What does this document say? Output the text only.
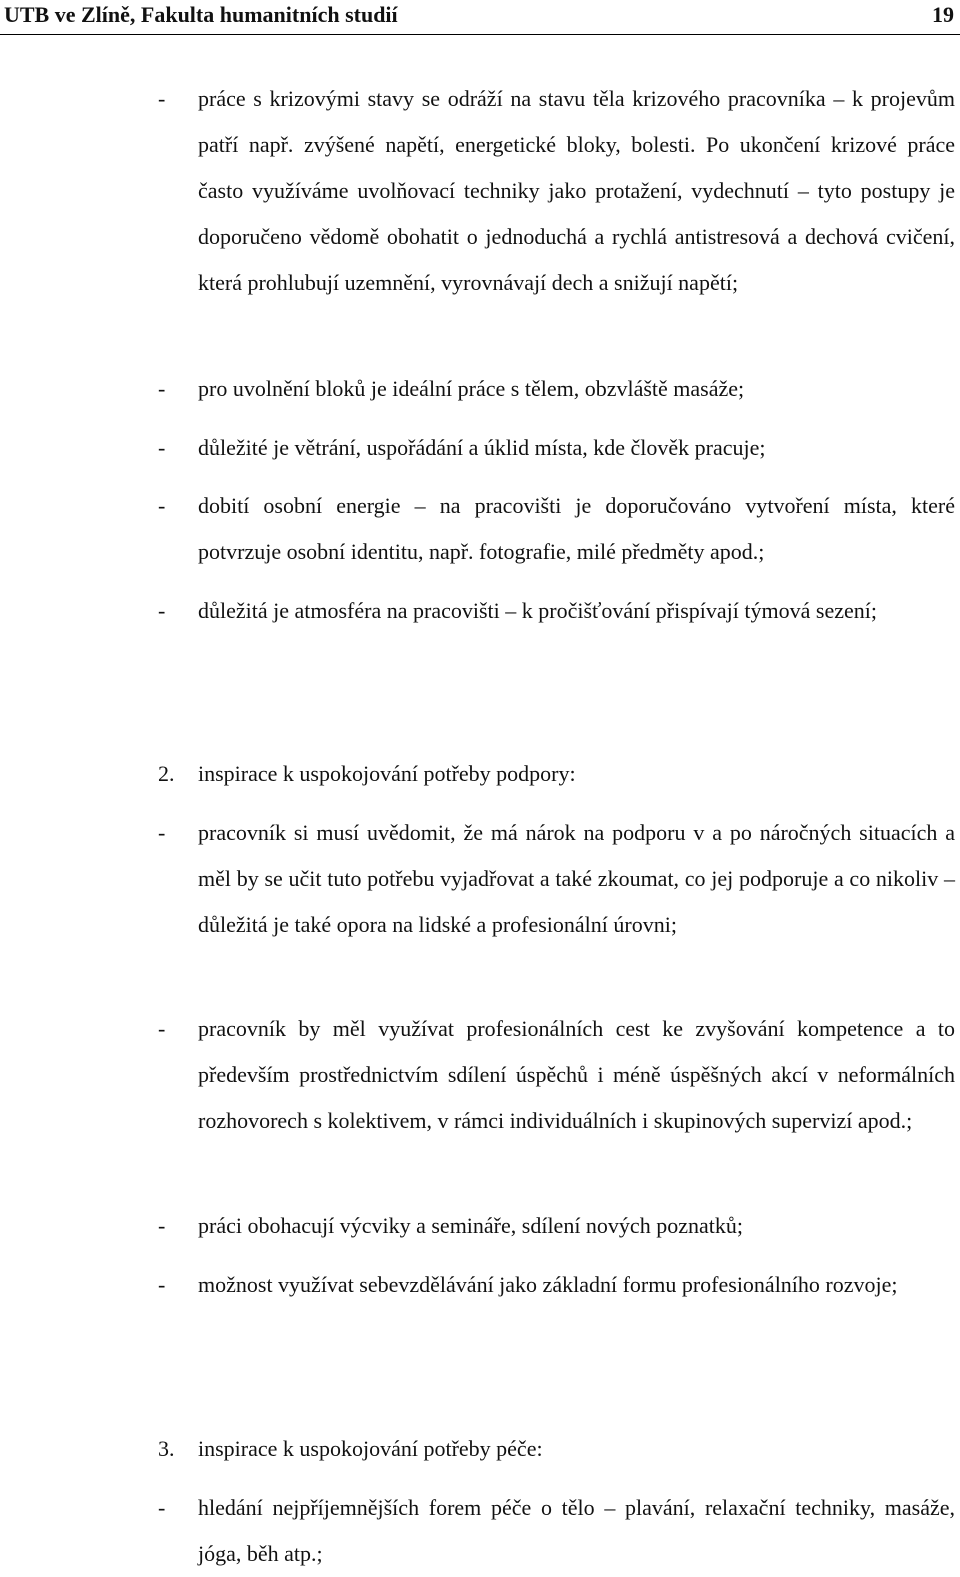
UTB ve Zlíně, Fakulta humanitních studií	19
- práce s krizovými stavy se odráží na stavu těla krizového pracovníka – k projevům patří např. zvýšené napětí, energetické bloky, bolesti. Po ukončení krizové práce často využíváme uvolňovací techniky jako protažení, vydechnutí – tyto postupy je doporučeno vědomě obohatit o jednoduchá a rychlá antistresová a dechová cvičení, která prohlubují uzemnění, vyrovnávají dech a snižují napětí;
- pro uvolnění bloků je ideální práce s tělem, obzvláště masáže;
- důležité je větrání, uspořádání a úklid místa, kde člověk pracuje;
- dobití osobní energie – na pracovišti je doporučováno vytvoření místa, které potvrzuje osobní identitu, např. fotografie, milé předměty apod.;
- důležitá je atmosféra na pracovišti – k pročišťování přispívají týmová sezení;
2. inspirace k uspokojování potřeby podpory:
- pracovník si musí uvědomit, že má nárok na podporu v a po náročných situacích a měl by se učit tuto potřebu vyjadřovat a také zkoumat, co jej podporuje a co nikoliv – důležitá je také opora na lidské a profesionální úrovni;
- pracovník by měl využívat profesionálních cest ke zvyšování kompetence a to především prostřednictvím sdílení úspěchů i méně úspěšných akcí v neformálních rozhovorech s kolektivem, v rámci individuálních i skupinových supervizí apod.;
- práci obohacují výcviky a semináře, sdílení nových poznatků;
- možnost využívat sebevzdělávání jako základní formu profesionálního rozvoje;
3. inspirace k uspokojování potřeby péče:
- hledání nejpříjemnějších forem péče o tělo – plavání, relaxační techniky, masáže, jóga, běh atp.;
